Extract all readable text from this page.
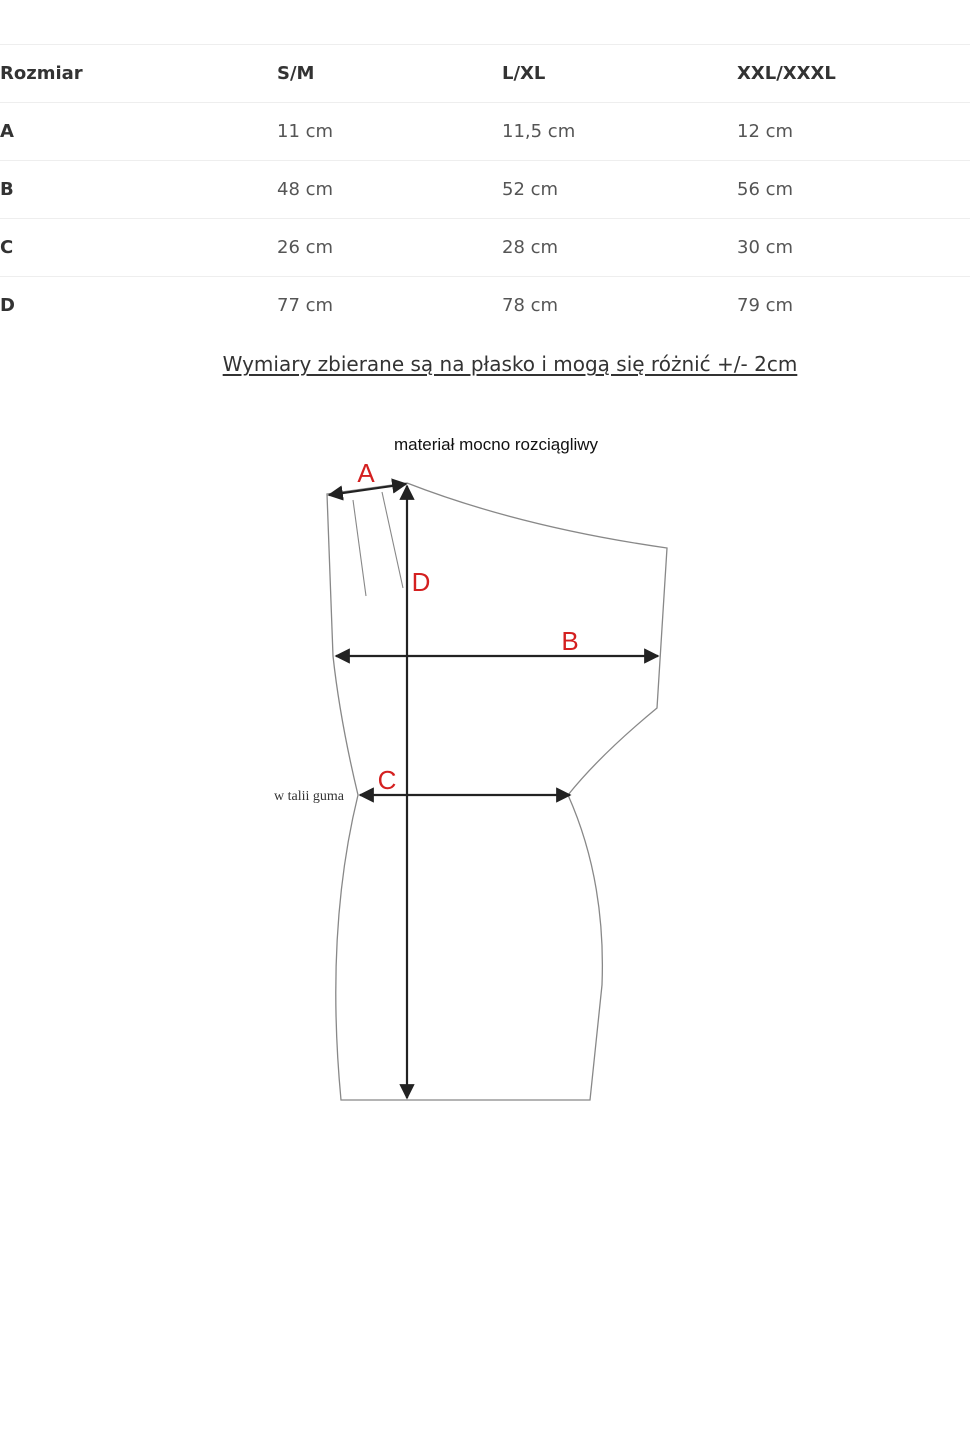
Rozmiar	S/M	L/XL	XXL/XXXL
A	11 cm	11,5 cm	12 cm
B	48 cm	52 cm	56 cm
C	26 cm	28 cm	30 cm
D	77 cm	78 cm	79 cm
Wymiary zbierane są na płasko i mogą się różnić +/- 2cm
materiał mocno rozciągliwy
w talii guma
A
D
B
C
